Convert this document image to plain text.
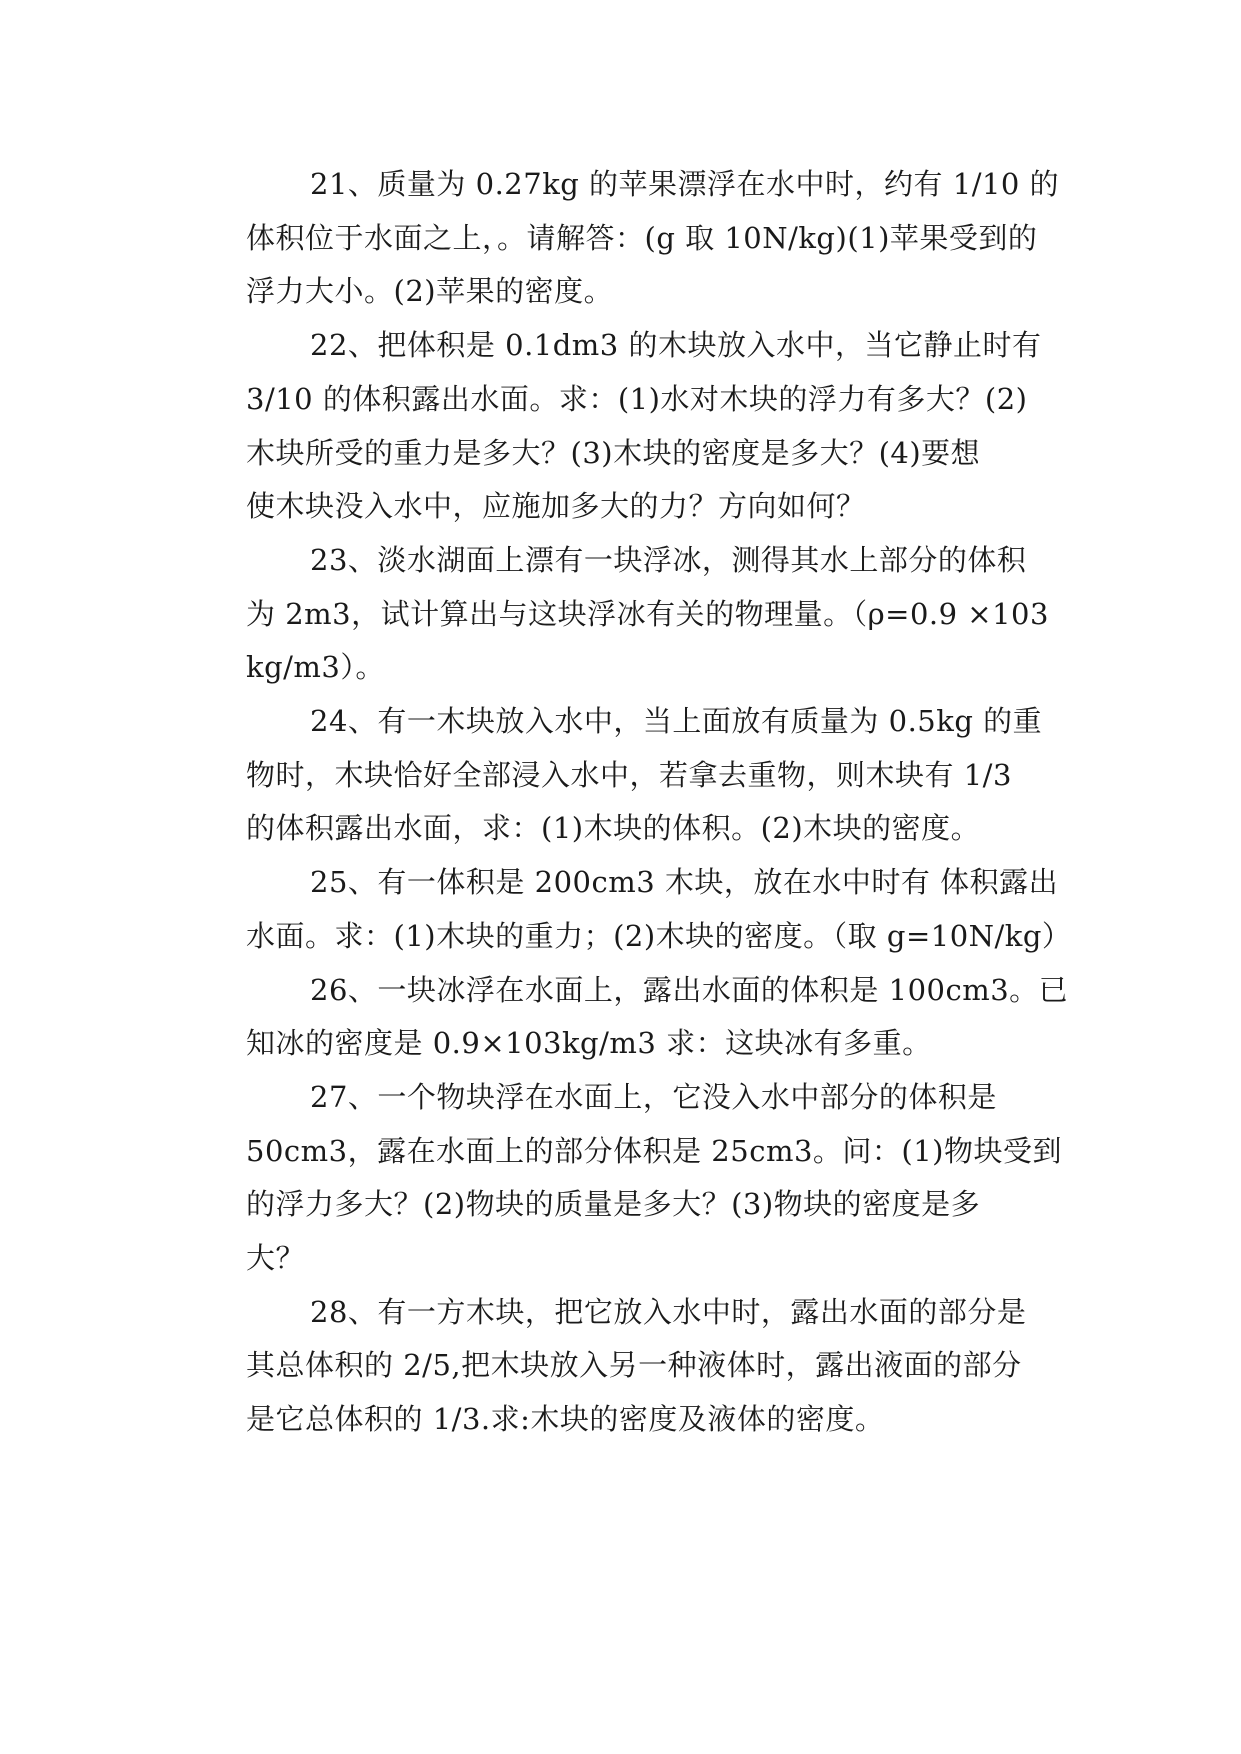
21、质量为 0.27kg 的苹果漂浮在水中时，约有 1/10 的
体积位于水面之上，。请解答：(g 取 10N/kg)(1)苹果受到的
浮力大小。(2)苹果的密度。
22、把体积是 0.1dm3 的木块放入水中，当它静止时有
3/10 的体积露出水面。求：(1)水对木块的浮力有多大？(2)
木块所受的重力是多大？(3)木块的密度是多大？(4)要想
使木块没入水中，应施加多大的力？方向如何？
23、淡水湖面上漂有一块浮冰，测得其水上部分的体积
为 2m3，试计算出与这块浮冰有关的物理量。（ρ=0.9 ×103
kg/m3）。
24、有一木块放入水中，当上面放有质量为 0.5kg 的重
物时，木块恰好全部浸入水中，若拿去重物，则木块有 1/3
的体积露出水面，求：(1)木块的体积。(2)木块的密度。
25、有一体积是 200cm3 木块，放在水中时有 体积露出
水面。求：(1)木块的重力；(2)木块的密度。（取 g=10N/kg）
26、一块冰浮在水面上，露出水面的体积是 100cm3。已
知冰的密度是 0.9×103kg/m3 求：这块冰有多重。
27、一个物块浮在水面上，它没入水中部分的体积是
50cm3，露在水面上的部分体积是 25cm3。问：(1)物块受到
的浮力多大？(2)物块的质量是多大？(3)物块的密度是多
大？
28、有一方木块，把它放入水中时，露出水面的部分是
其总体积的 2/5,把木块放入另一种液体时，露出液面的部分
是它总体积的 1/3.求:木块的密度及液体的密度。
